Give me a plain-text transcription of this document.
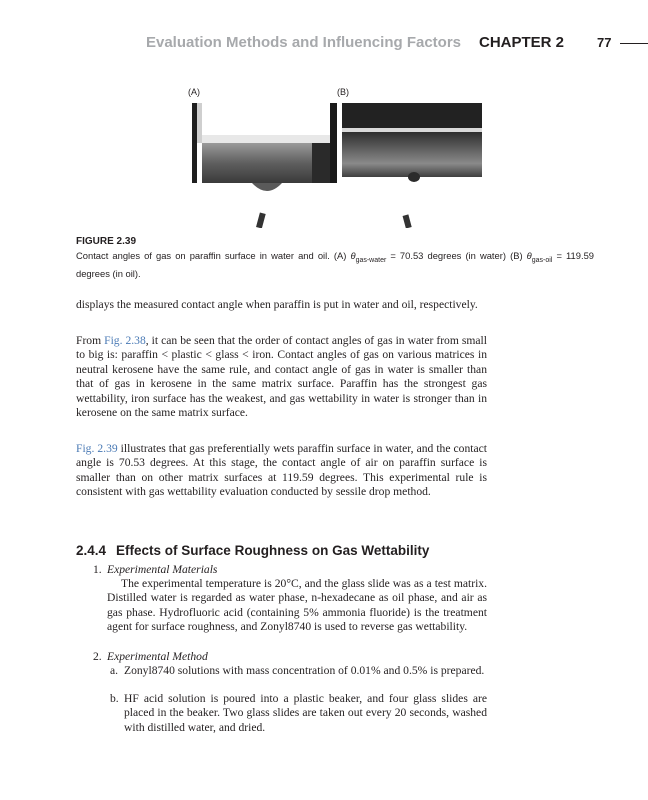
Evaluation Methods and Influencing Factors CHAPTER 2	77
(A)	(B)
FIGURE 2.39
Contact angles of gas on paraffin surface in water and oil. (A) $\theta_{gas-water} = 70.53$ degrees (in water) (B) $\theta_{gas-oil} = 119.59$ degrees (in oil).
displays the measured contact angle when paraffin is put in water and oil, respectively.
From Fig. 2.38, it can be seen that the order of contact angles of gas in water from small to big is: paraffin < plastic < glass < iron. Contact angles of gas on various matrices in neutral kerosene have the same rule, and contact angle of gas in water is smaller than that of gas in kerosene in the same matrix surface. Paraffin has the strongest gas wettability, iron surface has the weakest, and gas wettability in water is stronger than in kerosene on the same matrix surface.
Fig. 2.39 illustrates that gas preferentially wets paraffin surface in water, and the contact angle is 70.53 degrees. At this stage, the contact angle of air on paraffin surface is smaller than on other matrix surfaces at 119.59 degrees. This experimental rule is consistent with gas wettability evaluation conducted by sessile drop method.
2.4.4 Effects of Surface Roughness on Gas Wettability
1. Experimental Materials
The experimental temperature is 20°C, and the glass slide was as a test matrix. Distilled water is regarded as water phase, n-hexadecane as oil phase, and air as gas phase. Hydrofluoric acid (containing 5% ammonia fluoride) is the treatment agent for surface roughness, and Zonyl8740 is used to reverse gas wettability.
2. Experimental Method
a. Zonyl8740 solutions with mass concentration of 0.01% and 0.5% is prepared.
b. HF acid solution is poured into a plastic beaker, and four glass slides are placed in the beaker. Two glass slides are taken out every 20 seconds, washed with distilled water, and dried.
